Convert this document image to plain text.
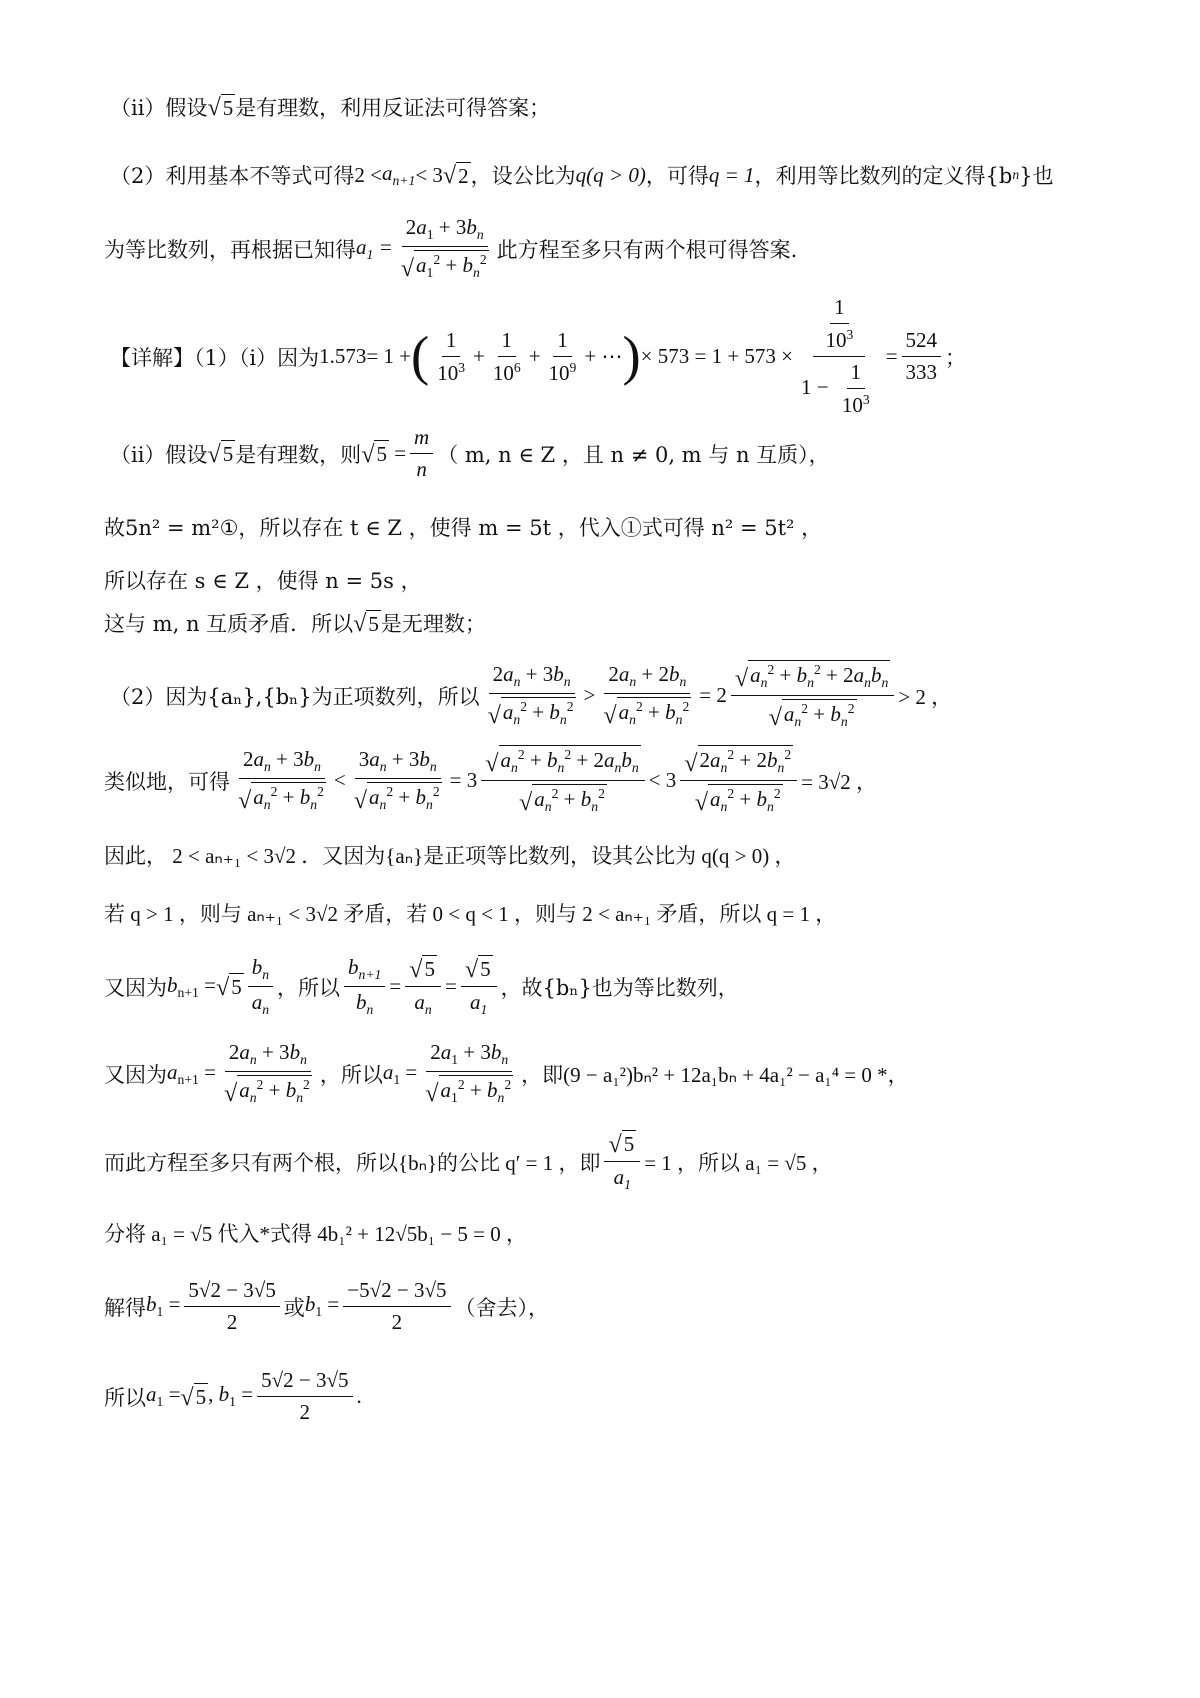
（ii）假设 √ 5 是有理数，利用反证法可得答案；
（2）利用基本不等式可得 $2 < a_{n+1} < 3$ √ 2 ，设公比为 q (q > 0) ，可得 q = 1 ，利用等比数列的定义得{b n }也
为等比数列，再根据已知得 $a_1 = \frac{2a_1 + 3b_n}{√ a_1^2 + b_n^2}$ 此方程至多只有两个根可得答案.
【详解】（1）（i）因为 1.573 = 1 + ( $\frac{1}{10^3} + \frac{1}{10^6} + \frac{1}{10^9}$ + ⋯ ) × $573 = 1 + 573 \times \frac{\frac{1}{10^3}}{1 - \frac{1}{10^3}} = \frac{524}{333}$ ；
（ii）假设 √ 5 是有理数，则 √ $5 = \frac{m}{n}$ （ m, n ∈ Z ，且 n ≠ 0, m 与 n 互质），
故5n² = m²①，所以存在 t ∈ Z ，使得 m = 5t ，代入①式可得 n² = 5t² ，
所以存在 s ∈ Z ，使得 n = 5s ，
这与 m, n 互质矛盾．所以 √ 5 是无理数；
（2）因为{aₙ},{bₙ}为正项数列，所以 $\frac{2a_n + 3b_n}{√ a_n^2 + b_n^2} > \frac{2a_n + 2b_n}{√ a_n^2 + b_n^2} = 2 \frac{√ a_n^2 + b_n^2 + 2a_nb_n}{√ a_n^2 + b_n^2} > 2$ ，
类似地，可得 $\frac{2a_n + 3b_n}{√ a_n^2 + b_n^2} < \frac{3a_n + 3b_n}{√ a_n^2 + b_n^2} = 3 \frac{√ a_n^2 + b_n^2 + 2a_nb_n}{√ a_n^2 + b_n^2} < 3 \frac{√ 2a_n^2 + 2b_n^2}{√ a_n^2 + b_n^2} = 3√2$ ，
因此， 2 < aₙ₊₁ < 3√2 ．又因为{aₙ}是正项等比数列，设其公比为 q(q > 0) ，
若 q > 1 ，则与 aₙ₊₁ < 3√2 矛盾，若 0 < q < 1 ，则与 2 < aₙ₊₁ 矛盾，所以 q = 1 ，
又因为 $b_{n+1}$ = √ $5 \frac{b_n}{a_n}$ ，所以 $\frac{b_{n+1}}{b_n} = \frac{√ 5}{a_n} = \frac{√ 5}{a_1}$ ，故{bₙ}也为等比数列，
又因为 $a_{n+1} = \frac{2a_n + 3b_n}{√ a_n^2 + b_n^2}$ ，所以 $a_1 = \frac{2a_1 + 3b_n}{√ a_1^2 + b_n^2}$ ，即(9 − a₁²)bₙ² + 12a₁bₙ + 4a₁² − a₁⁴ = 0 *，
而此方程至多只有两个根，所以{bₙ}的公比 q′ = 1 ，即 $\frac{√ 5}{a_1} = 1$ ，所以 a₁ = √5 ，
分将 a₁ = √5 代入*式得 4b₁² + 12√5b₁ − 5 = 0 ，
解得 $b_1 = \frac{5√2 - 3√5}{2}$ 或 $b_1 = \frac{-5√2 - 3√5}{2}$ （舍去），
所以 $a_1$ = √ 5 , $b_1 = \frac{5√2 - 3√5}{2}$ .
